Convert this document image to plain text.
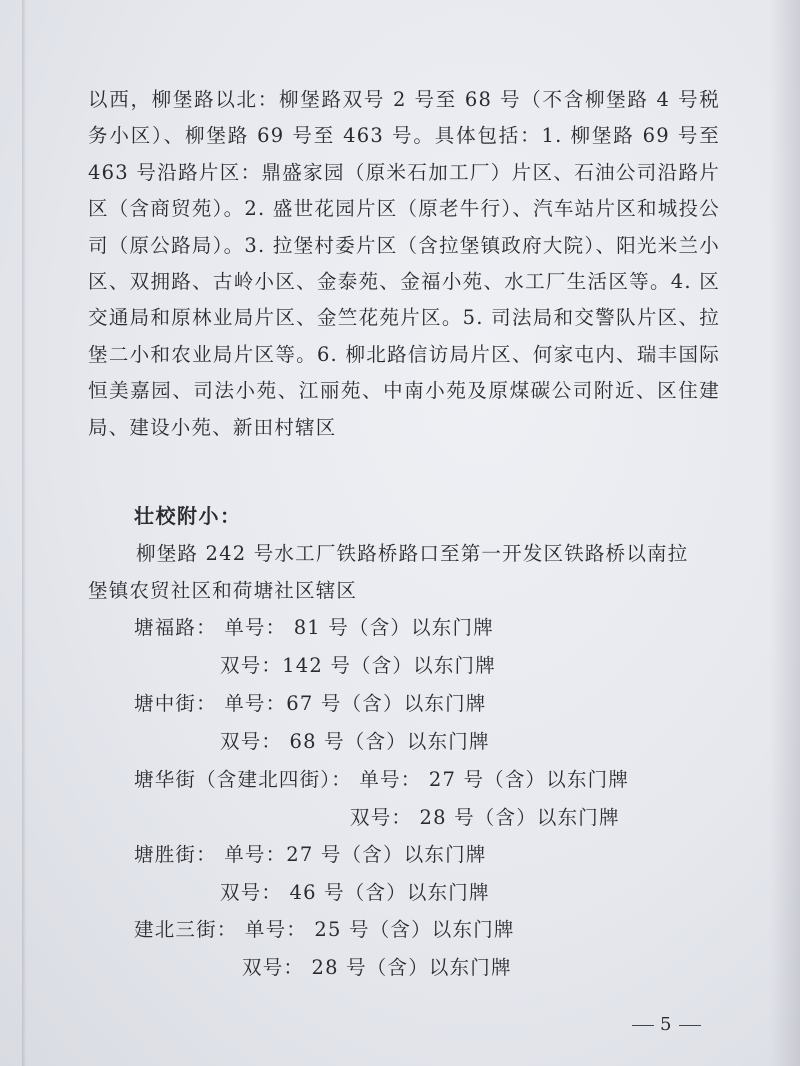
以西，柳堡路以北：柳堡路双号 2 号至 68 号（不含柳堡路 4 号税务小区）、柳堡路 69 号至 463 号。具体包括：1. 柳堡路 69 号至 463 号沿路片区：鼎盛家园（原米石加工厂）片区、石油公司沿路片区（含商贸苑）。2. 盛世花园片区（原老牛行）、汽车站片区和城投公司（原公路局）。3. 拉堡村委片区（含拉堡镇政府大院）、阳光米兰小区、双拥路、古岭小区、金泰苑、金福小苑、水工厂生活区等。4. 区交通局和原林业局片区、金竺花苑片区。5. 司法局和交警队片区、拉堡二小和农业局片区等。6. 柳北路信访局片区、何家屯内、瑞丰国际恒美嘉园、司法小苑、江丽苑、中南小苑及原煤碳公司附近、区住建局、建设小苑、新田村辖区

壮校附小：

柳堡路 242 号水工厂铁路桥路口至第一开发区铁路桥以南拉堡镇农贸社区和荷塘社区辖区

塘福路： 单号： 81 号（含）以东门牌
双号：142 号（含）以东门牌
塘中街： 单号：67 号（含）以东门牌
双号： 68 号（含）以东门牌
塘华街（含建北四街）： 单号： 27 号（含）以东门牌
双号： 28 号（含）以东门牌
塘胜街： 单号：27 号（含）以东门牌
双号： 46 号（含）以东门牌
建北三街： 单号： 25 号（含）以东门牌
双号： 28 号（含）以东门牌
5
